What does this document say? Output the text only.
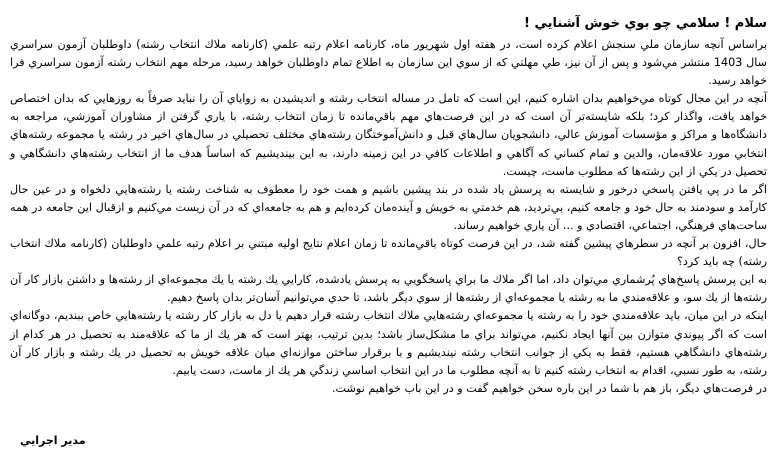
سلام ! سلامي چو بوي خوش آشنايي !

براساس آنچه سازمان ملي سنجش اعلام كرده است، در هفته اول شهريور ماه، كارنامه اعلام رتبه علمي (كارنامه ملاك انتخاب رشته) داوطلبان آزمون سراسري سال 1403 منتشر مي‌شود و پس از آن نيز، طي مهلتي كه از سوي اين سازمان به اطلاع تمام داوطلبان خواهد رسيد، مرحله مهم انتخاب رشته آزمون سراسري فرا خواهد رسيد.

آنچه در اين مجال كوتاه مي‌خواهيم بدان اشاره كنيم، اين است كه تامل در مساله انتخاب رشته و انديشيدن به زواياي آن را نبايد صرفاً به روزهايي كه بدان اختصاص خواهد يافت، واگذار كرد؛ بلكه شايسته‌تر آن است كه در اين فرصت‌هاي مهم باقي‌مانده تا زمان انتخاب رشته، با ياري گرفتن از مشاوران آموزشي، مراجعه به دانشگاه‌ها و مراكز و مؤسسات آموزش عالي، دانشجويان سال‌هاي قبل و دانش‌آموختگان رشته‌هاي مختلف تحصيلي در سال‌هاي اخير در رشته يا مجموعه رشته‌هاي انتخابي مورد علاقه‌مان، والدين و تمام كساني كه آگاهي و اطلاعات كافي در اين زمينه دارند، به اين بينديشيم كه اساساً هدف ما از انتخاب رشته‌هاي دانشگاهي و تحصيل در يكي از اين رشته‌ها كه مطلوب ماست، چيست.

اگر ما در پي يافتن پاسخي درخور و شايسته به پرسش ياد شده در بند پيشين باشيم و همت خود را معطوف به شناخت رشته يا رشته‌هايي دلخواه و در عين حال كارآمد و سودمند به حال خود و جامعه كنيم، بي‌ترديد، هم خدمتي به خويش و آينده‌مان كرده‌ايم و هم به جامعه‌اي كه در آن زيست مي‌كنيم و ازقبال اين جامعه در همه ساحت‌هاي فرهنگي، اجتماعي، اقتصادي و ... آن ياري خواهيم رساند.

حال، افزون بر آنچه در سطرهاي پيشين گفته شد، در اين فرصت كوتاه باقي‌مانده تا زمان اعلام نتايج اوليه مبتني بر اعلام رتبه علمي داوطلبان (كارنامه ملاك انتخاب رشته) چه بايد كرد؟

به اين پرسش پاسخ‌هاي پُرشماري مي‌توان داد، اما اگر ملاك ما براي پاسخگويي به پرسش يادشده، كارايي يك رشته يا يك مجموعه‌اي از رشته‌ها و داشتن بازار كار آن رشته‌ها از يك سو، و علاقه‌مندي ما به رشته يا مجموعه‌اي از رشته‌ها از سوي ديگر باشد، تا حدي مي‌توانيم آسان‌تر بدان پاسخ دهيم.

اينكه در اين ميان، بايد علاقه‌مندي خود را به رشته يا مجموعه‌اي رشته‌هايي ملاك انتخاب رشته قرار دهيم يا دل به بازار كار رشته يا رشته‌هايي خاص ببنديم، دوگانه‌اي است كه اگر پيوندي متوازن بين آنها ايجاد نكنيم، مي‌تواند براي ما مشكل‌ساز باشد؛ بدين ترتيب، بهتر است كه هر يك از ما كه علاقه‌مند به تحصيل در هر كدام از رشته‌هاي دانشگاهي هستيم، فقط به يكي از جوانب انتخاب رشته نينديشيم و با برقرار ساختن موازنه‌اي ميان علاقه خويش به تحصيل در يك رشته و بازار كار آن رشته، به طور نسبي، اقدام به انتخاب رشته كنيم تا به آنچه مطلوب ما در اين انتخاب اساسي زندگي هر يك از ماست، دست يابيم.

در فرصت‌هاي ديگر، باز هم با شما در اين باره سخن خواهيم گفت و در اين باب خواهيم نوشت.

مدير اجرايي
